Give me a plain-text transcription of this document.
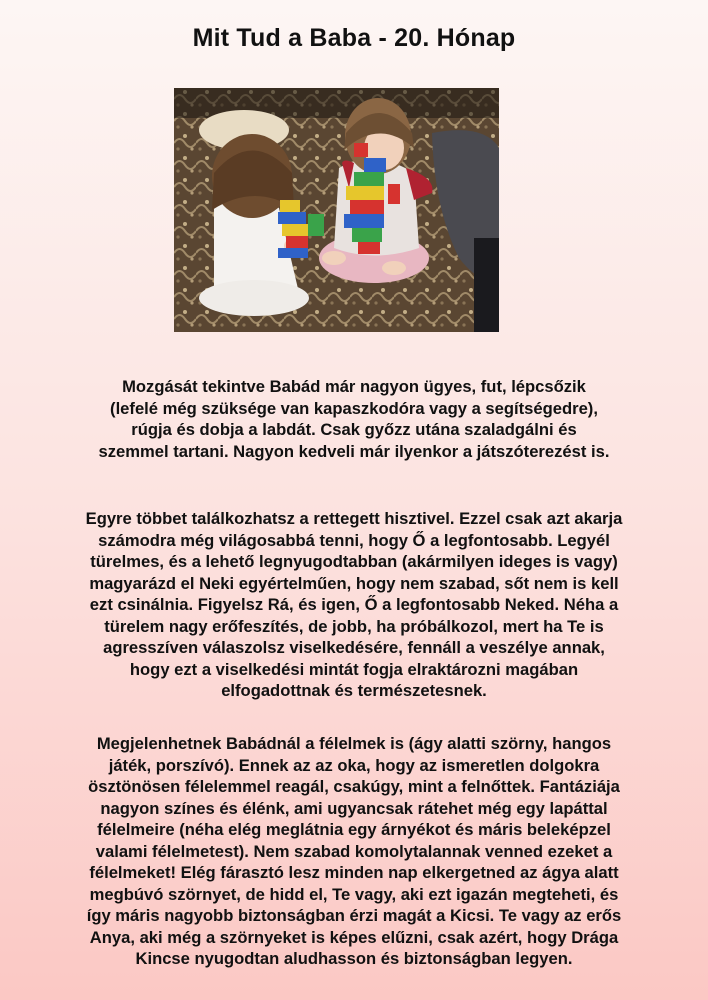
Mit Tud a Baba - 20. Hónap
Mozgását tekintve Babád már nagyon ügyes, fut, lépcsőzik
(lefelé még szüksége van kapaszkodóra vagy a segítségedre),
rúgja és dobja a labdát. Csak győzz utána szaladgálni és
szemmel tartani. Nagyon kedveli már ilyenkor a játszóterezést is.
Egyre többet találkozhatsz a rettegett hisztivel. Ezzel csak azt akarja
számodra még világosabbá tenni, hogy Ő a legfontosabb. Legyél
türelmes, és a lehető legnyugodtabban (akármilyen ideges is vagy)
magyarázd el Neki egyértelműen, hogy nem szabad, sőt nem is kell
ezt csinálnia. Figyelsz Rá, és igen, Ő a legfontosabb Neked. Néha a
türelem nagy erőfeszítés, de jobb, ha próbálkozol, mert ha Te is
agresszíven válaszolsz viselkedésére, fennáll a veszélye annak,
hogy ezt a viselkedési mintát fogja elraktározni magában
elfogadottnak és természetesnek.
Megjelenhetnek Babádnál a félelmek is (ágy alatti szörny, hangos
játék, porszívó). Ennek az az oka, hogy az ismeretlen dolgokra
ösztönösen félelemmel reagál, csakúgy, mint a felnőttek. Fantáziája
nagyon színes és élénk, ami ugyancsak rátehet még egy lapáttal
félelmeire (néha elég meglátnia egy árnyékot és máris beleképzel
valami félelmetest). Nem szabad komolytalannak venned ezeket a
félelmeket! Elég fárasztó lesz minden nap elkergetned az ágya alatt
megbúvó szörnyet, de hidd el, Te vagy, aki ezt igazán megteheti, és
így máris nagyobb biztonságban érzi magát a Kicsi. Te vagy az erős
Anya, aki még a szörnyeket is képes elűzni, csak azért, hogy Drága
Kincse nyugodtan aludhasson és biztonságban legyen.
